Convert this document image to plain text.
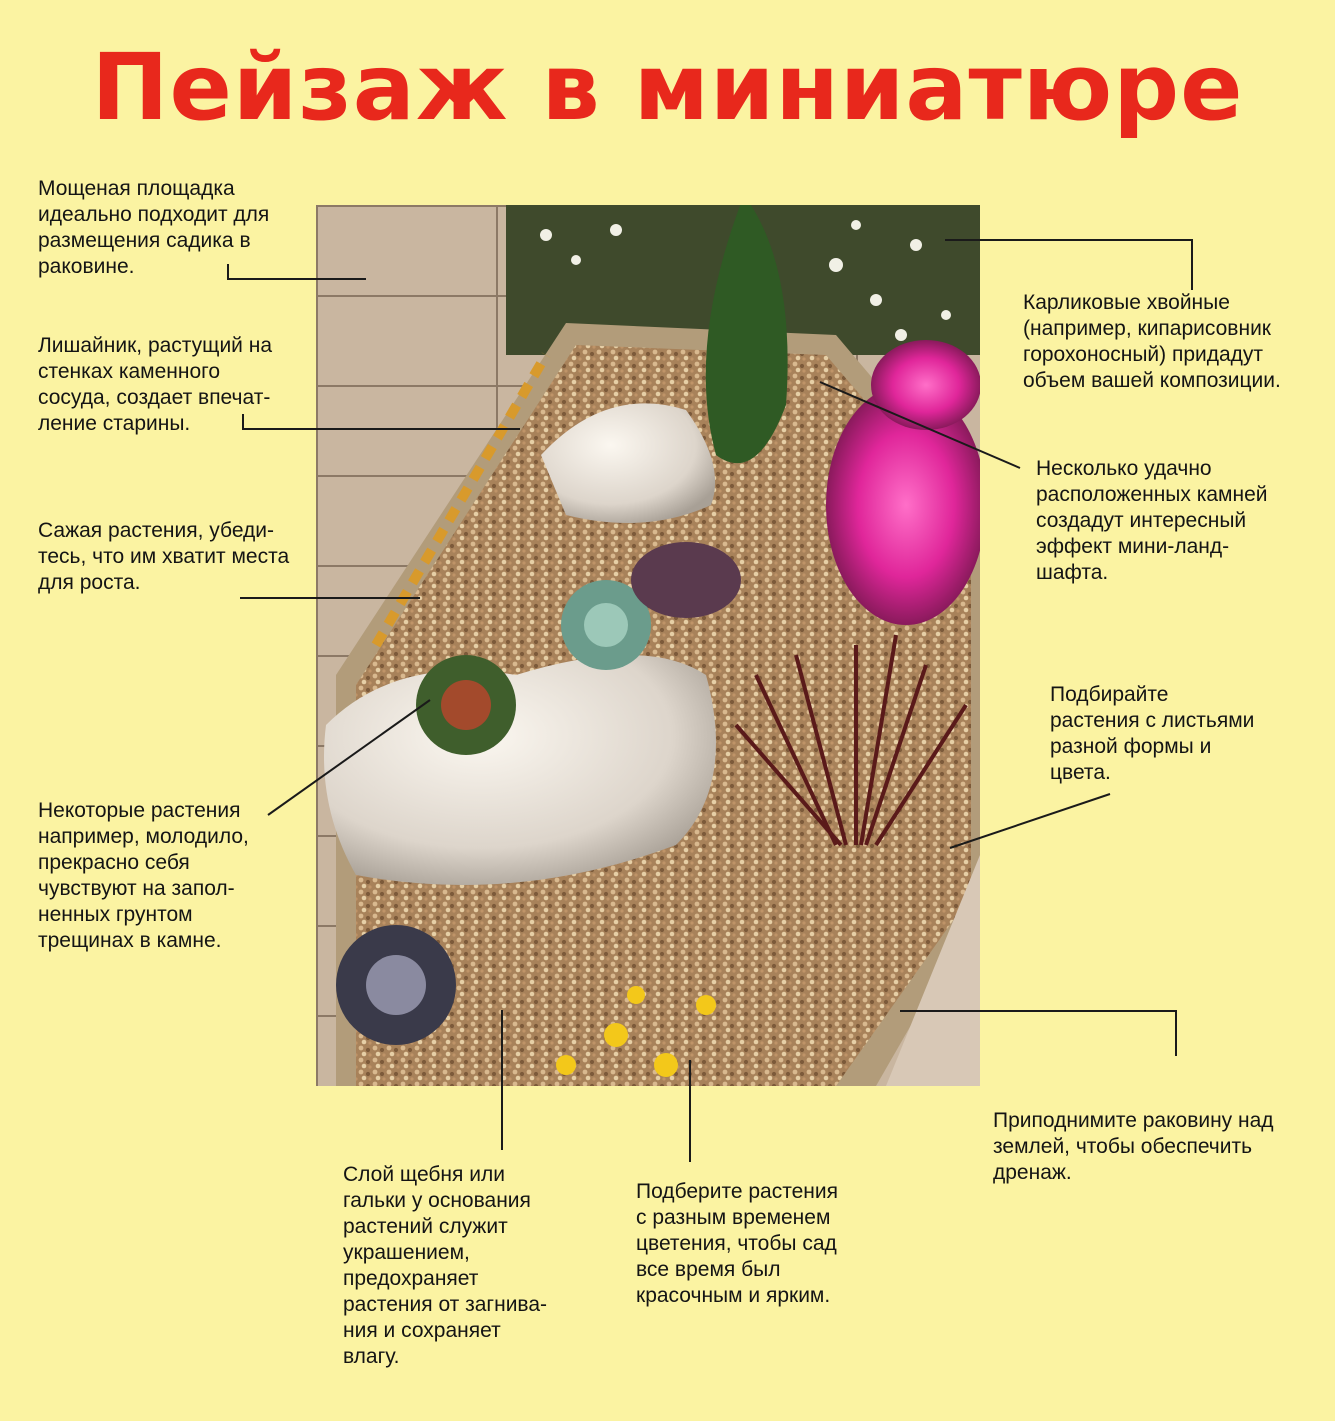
Пейзаж в миниатюре
Мощеная площадка
идеально подходит для
размещения садика в
раковине.
Лишайник, растущий на
стенках каменного
сосуда, создает впечат-
ление старины.
Сажая растения, убеди-
тесь, что им хватит места
для роста.
Некоторые растения
например, молодило,
прекрасно себя
чувствуют на запол-
ненных грунтом
трещинах в камне.
Слой щебня или
гальки у основания
растений служит
украшением,
предохраняет
растения от загнива-
ния и сохраняет
влагу.
Подберите растения
с разным временем
цветения, чтобы сад
все время был
красочным и ярким.
Приподнимите раковину над
землей, чтобы обеспечить
дренаж.
Подбирайте
растения с листьями
разной формы и
цвета.
Несколько удачно
расположенных камней
создадут интересный
эффект мини-ланд-
шафта.
Карликовые хвойные
(например, кипарисовник
горохоносный) придадут
объем вашей композиции.
